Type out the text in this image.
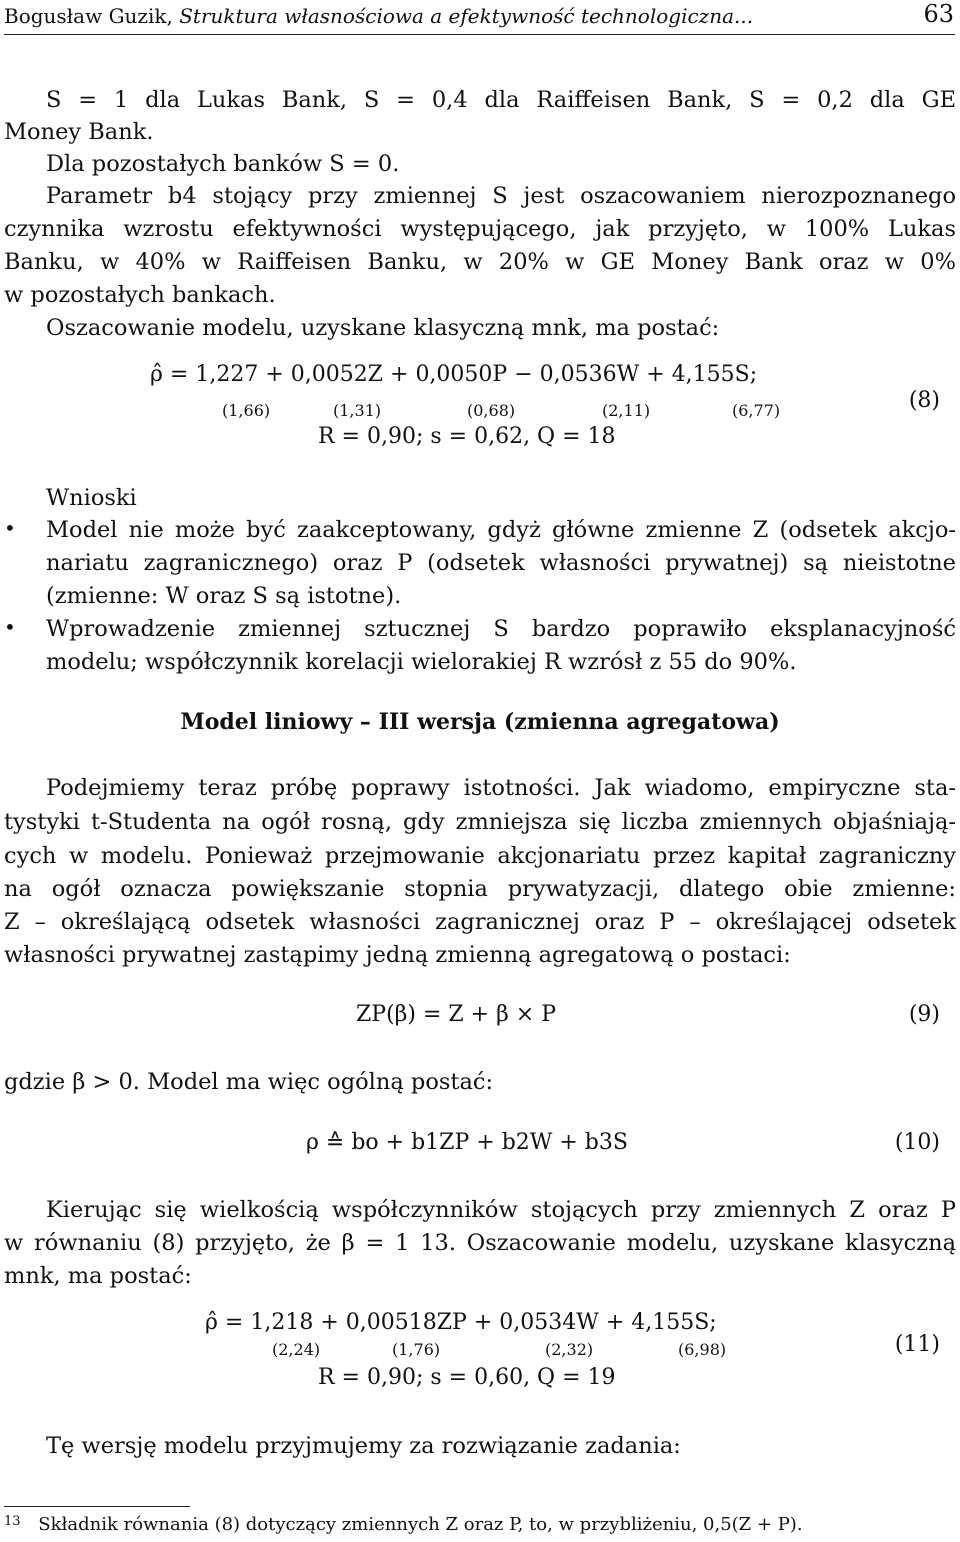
Bogusław Guzik, Struktura własnościowa a efektywność technologiczna...	63
S = 1 dla Lukas Bank, S = 0,4 dla Raiffeisen Bank, S = 0,2 dla GE
Money Bank.
Dla pozostałych banków S = 0.
Parametr b4 stojący przy zmiennej S jest oszacowaniem nierozpoznanego
czynnika wzrostu efektywności występującego, jak przyjęto, w 100% Lukas
Banku, w 40% w Raiffeisen Banku, w 20% w GE Money Bank oraz w 0%
w pozostałych bankach.
Oszacowanie modelu, uzyskane klasyczną mnk, ma postać:
ρ̂ = 1,227 + 0,0052Z + 0,0050P − 0,0536W + 4,155S;
(1,66)	(1,31)	(0,68)	(2,11)	(6,77)
R = 0,90; s = 0,62, Q = 18
(8)
Wnioski
• Model nie może być zaakceptowany, gdyż główne zmienne Z (odsetek akcjo-
nariatu zagranicznego) oraz P (odsetek własności prywatnej) są nieistotne
(zmienne: W oraz S są istotne).
• Wprowadzenie zmiennej sztucznej S bardzo poprawiło eksplanacyjność
modelu; współczynnik korelacji wielorakiej R wzrósł z 55 do 90%.
Model liniowy – III wersja (zmienna agregatowa)
Podejmiemy teraz próbę poprawy istotności. Jak wiadomo, empiryczne sta-
tystyki t-Studenta na ogół rosną, gdy zmniejsza się liczba zmiennych objaśniają-
cych w modelu. Ponieważ przejmowanie akcjonariatu przez kapitał zagraniczny
na ogół oznacza powiększanie stopnia prywatyzacji, dlatego obie zmienne:
Z – określającą odsetek własności zagranicznej oraz P – określającej odsetek
własności prywatnej zastąpimy jedną zmienną agregatową o postaci:
ZP(β) = Z + β × P	(9)
gdzie β > 0. Model ma więc ogólną postać:
ρ ≙ bo + b1ZP + b2W + b3S	(10)
Kierując się wielkością współczynników stojących przy zmiennych Z oraz P
w równaniu (8) przyjęto, że β = 1 13. Oszacowanie modelu, uzyskane klasyczną
mnk, ma postać:
ρ̂ = 1,218 + 0,00518ZP + 0,0534W + 4,155S;
(2,24)	(1,76)	(2,32)	(6,98)
R = 0,90; s = 0,60, Q = 19
(11)
Tę wersję modelu przyjmujemy za rozwiązanie zadania:
$^{13}$ Składnik równania (8) dotyczący zmiennych Z oraz P, to, w przybliżeniu, 0,5(Z + P).
